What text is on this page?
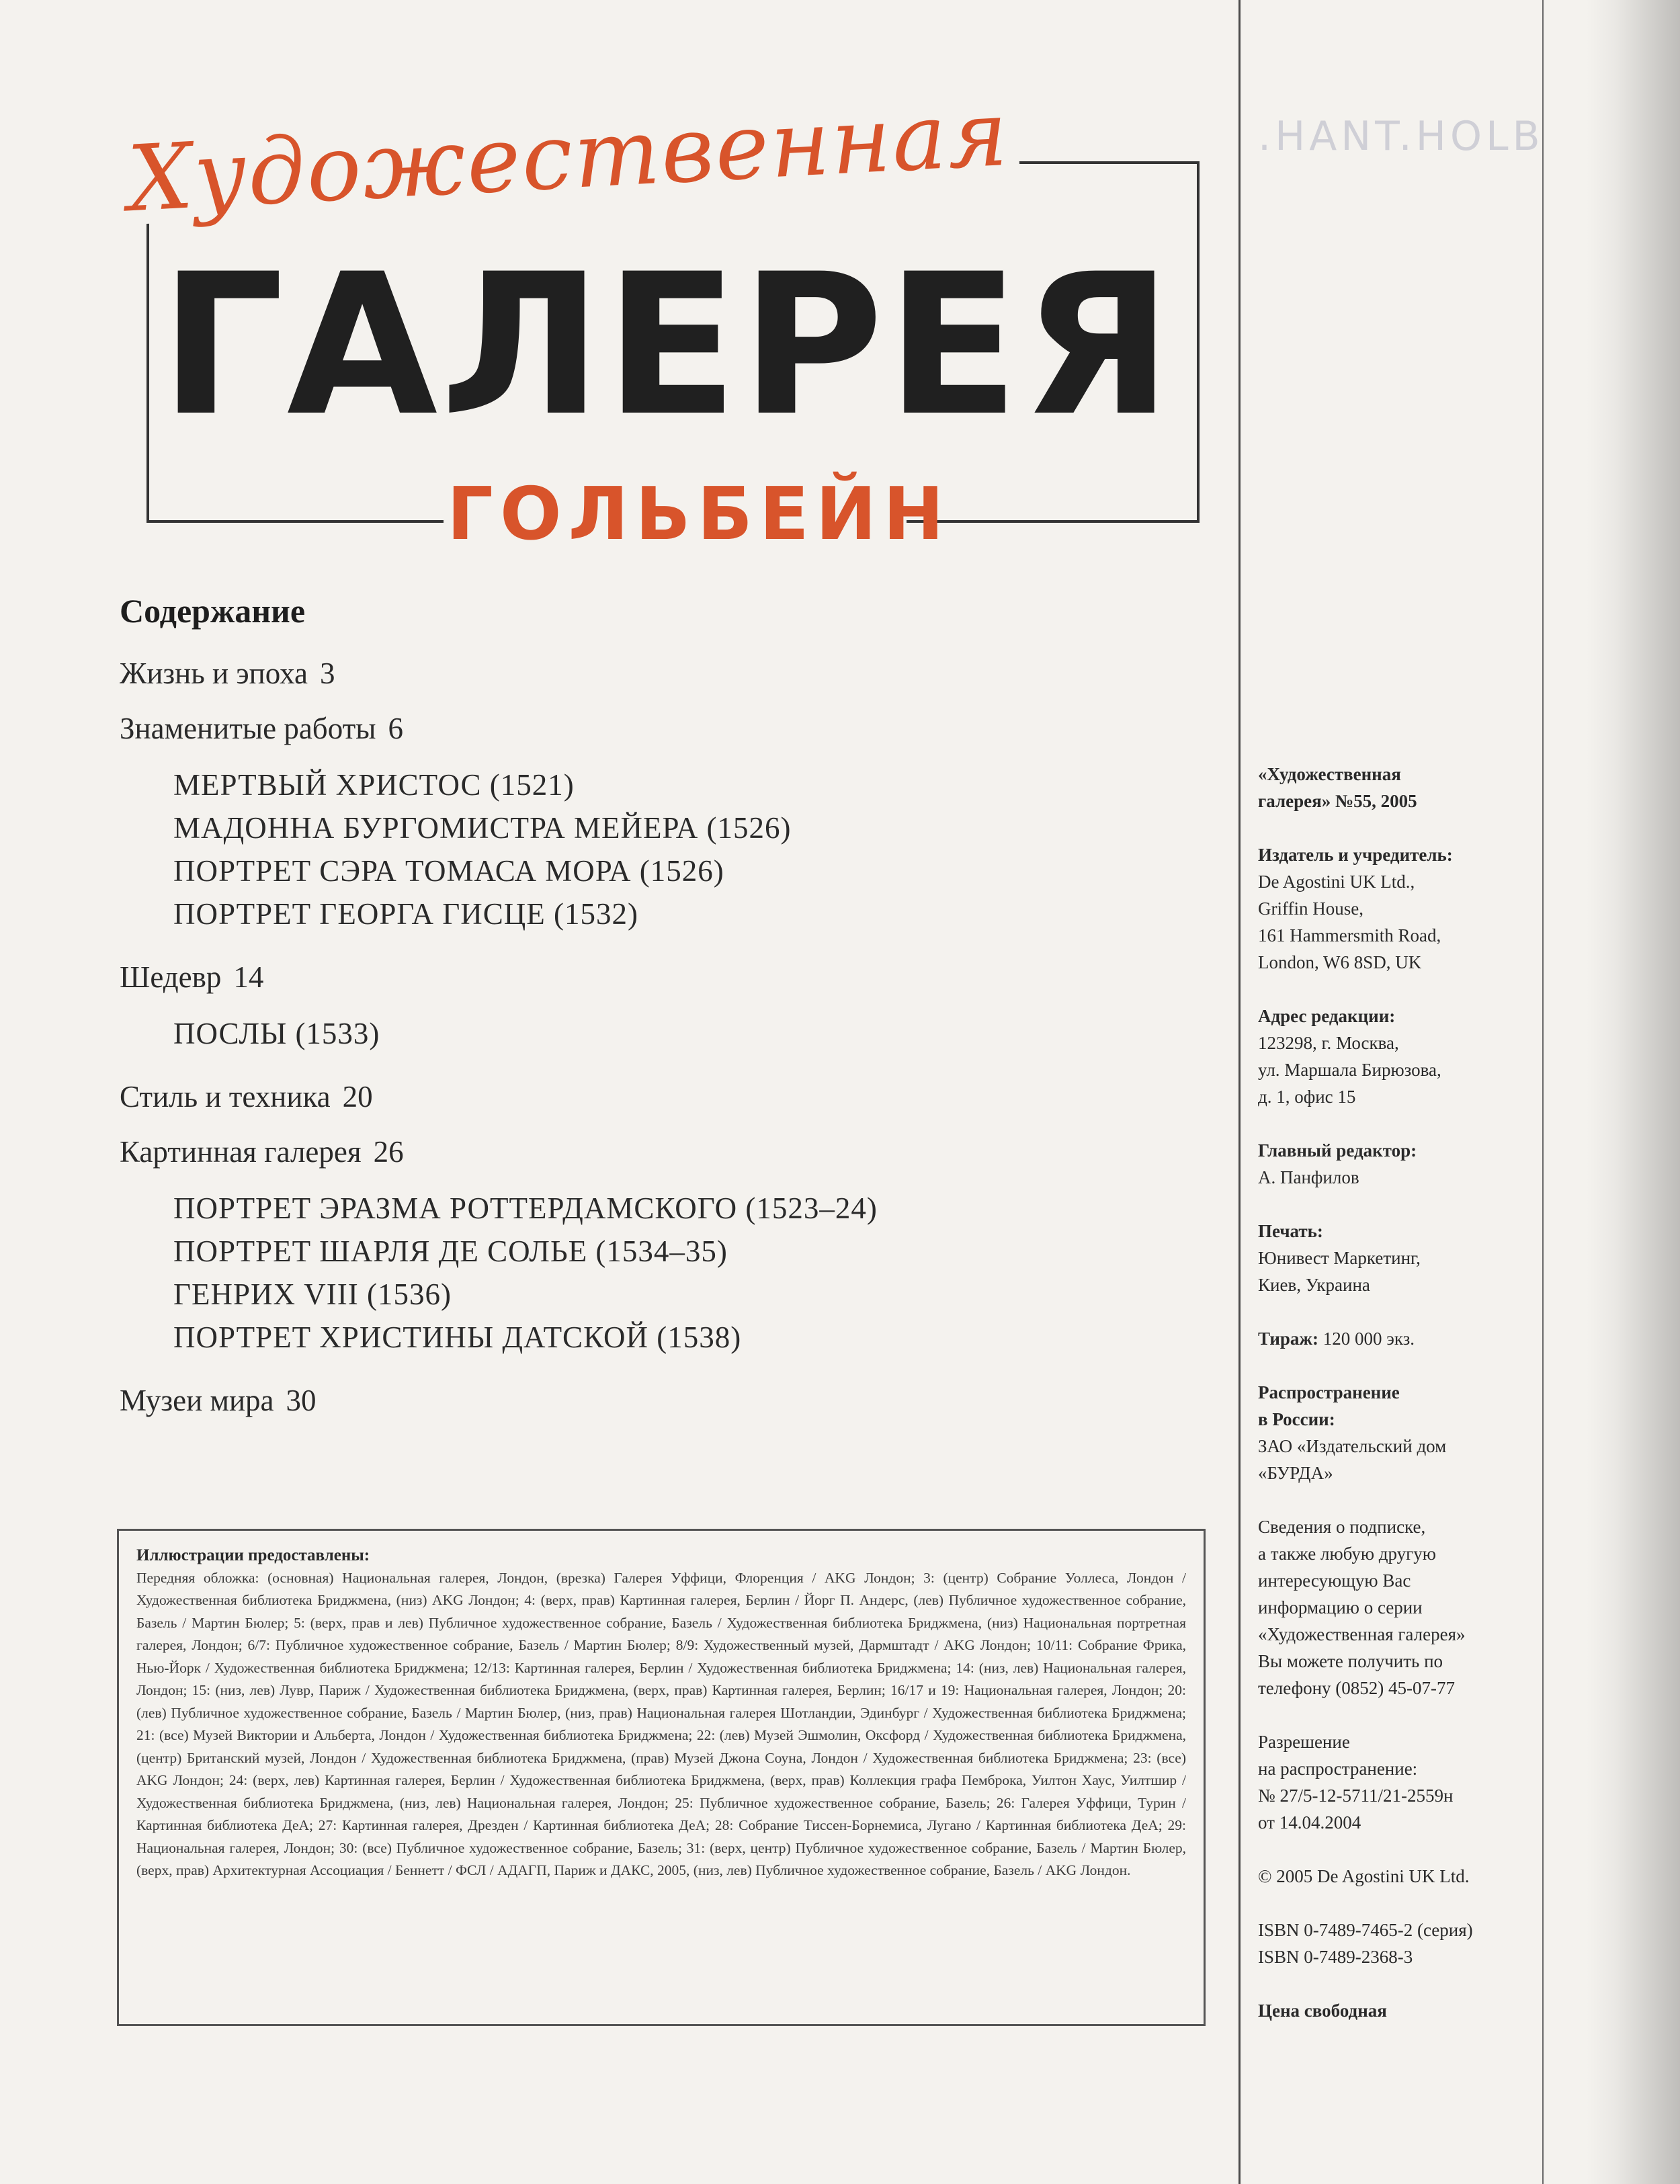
.HANT.HOLB
Художественная
ГАЛЕРЕЯ
ГОЛЬБЕЙН
Содержание
Жизнь и эпоха 3
Знаменитые работы 6
МЕРТВЫЙ ХРИСТОС (1521)
МАДОННА БУРГОМИСТРА МЕЙЕРА (1526)
ПОРТРЕТ СЭРА ТОМАСА МОРА (1526)
ПОРТРЕТ ГЕОРГА ГИСЦЕ (1532)
Шедевр 14
ПОСЛЫ (1533)
Стиль и техника 20
Картинная галерея 26
ПОРТРЕТ ЭРАЗМА РОТТЕРДАМСКОГО (1523–24)
ПОРТРЕТ ШАРЛЯ ДЕ СОЛЬЕ (1534–35)
ГЕНРИХ VIII (1536)
ПОРТРЕТ ХРИСТИНЫ ДАТСКОЙ (1538)
Музеи мира 30
Иллюстрации предоставлены:
Передняя обложка: (основная) Национальная галерея, Лондон, (врезка) Галерея Уффици, Флоренция / AKG Лондон; 3: (центр) Собрание Уоллеса, Лондон / Художественная библиотека Бриджмена, (низ) AKG Лондон; 4: (верх, прав) Картинная галерея, Берлин / Йорг П. Андерс, (лев) Публичное художественное собрание, Базель / Мартин Бюлер; 5: (верх, прав и лев) Публичное художественное собрание, Базель / Художественная библиотека Бриджмена, (низ) Национальная портретная галерея, Лондон; 6/7: Публичное художественное собрание, Базель / Мартин Бюлер; 8/9: Художественный музей, Дармштадт / AKG Лондон; 10/11: Собрание Фрика, Нью-Йорк / Художественная библиотека Бриджмена; 12/13: Картинная галерея, Берлин / Художественная библиотека Бриджмена; 14: (низ, лев) Национальная галерея, Лондон; 15: (низ, лев) Лувр, Париж / Художественная библиотека Бриджмена, (верх, прав) Картинная галерея, Берлин; 16/17 и 19: Национальная галерея, Лондон; 20: (лев) Публичное художественное собрание, Базель / Мартин Бюлер, (низ, прав) Национальная галерея Шотландии, Эдинбург / Художественная библиотека Бриджмена; 21: (все) Музей Виктории и Альберта, Лондон / Художественная библиотека Бриджмена; 22: (лев) Музей Эшмолин, Оксфорд / Художественная библиотека Бриджмена, (центр) Британский музей, Лондон / Художественная библиотека Бриджмена, (прав) Музей Джона Соуна, Лондон / Художественная библиотека Бриджмена; 23: (все) AKG Лондон; 24: (верх, лев) Картинная галерея, Берлин / Художественная библиотека Бриджмена, (верх, прав) Коллекция графа Пемброка, Уилтон Хаус, Уилтшир / Художественная библиотека Бриджмена, (низ, лев) Национальная галерея, Лондон; 25: Публичное художественное собрание, Базель; 26: Галерея Уффици, Турин / Картинная библиотека ДеА; 27: Картинная галерея, Дрезден / Картинная библиотека ДеА; 28: Собрание Тиссен-Борнемиса, Лугано / Картинная библиотека ДеА; 29: Национальная галерея, Лондон; 30: (все) Публичное художественное собрание, Базель; 31: (верх, центр) Публичное художественное собрание, Базель / Мартин Бюлер, (верх, прав) Архитектурная Ассоциация / Беннетт / ФСЛ / АДАГП, Париж и ДАКС, 2005, (низ, лев) Публичное художественное собрание, Базель / AKG Лондон.
«Художественная
галерея» №55, 2005
Издатель и учредитель:
De Agostini UK Ltd.,
Griffin House,
161 Hammersmith Road,
London, W6 8SD, UK
Адрес редакции:
123298, г. Москва,
ул. Маршала Бирюзова,
д. 1, офис 15
Главный редактор:
А. Панфилов
Печать:
Юнивест Маркетинг,
Киев, Украина
Тираж: 120 000 экз.
Распространение
в России:
ЗАО «Издательский дом
«БУРДА»
Сведения о подписке,
а также любую другую
интересующую Вас
информацию о серии
«Художественная галерея»
Вы можете получить по
телефону (0852) 45-07-77
Разрешение
на распространение:
№ 27/5-12-5711/21-2559н
от 14.04.2004
© 2005 De Agostini UK Ltd.
ISBN 0-7489-7465-2 (серия)
ISBN 0-7489-2368-3
Цена свободная
